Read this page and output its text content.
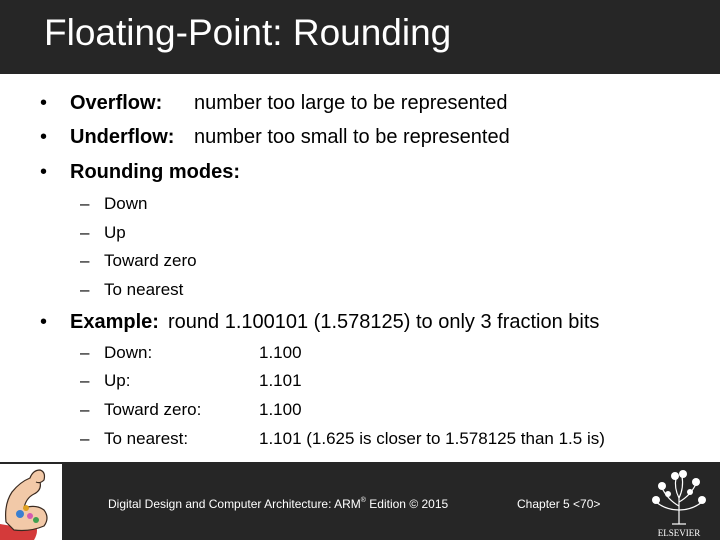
Floating-Point: Rounding
• Overflow: number too large to be represented
• Underflow: number too small to be represented
• Rounding modes:
– Down
– Up
– Toward zero
– To nearest
• Example: round 1.100101 (1.578125) to only 3 fraction bits
– Down:	1.100
– Up:	1.101
– Toward zero:	1.100
– To nearest:	1.101 (1.625 is closer to 1.578125 than 1.5 is)
Digital Design and Computer Architecture: ARM® Edition © 2015	Chapter 5 <70>
ELSEVIER
